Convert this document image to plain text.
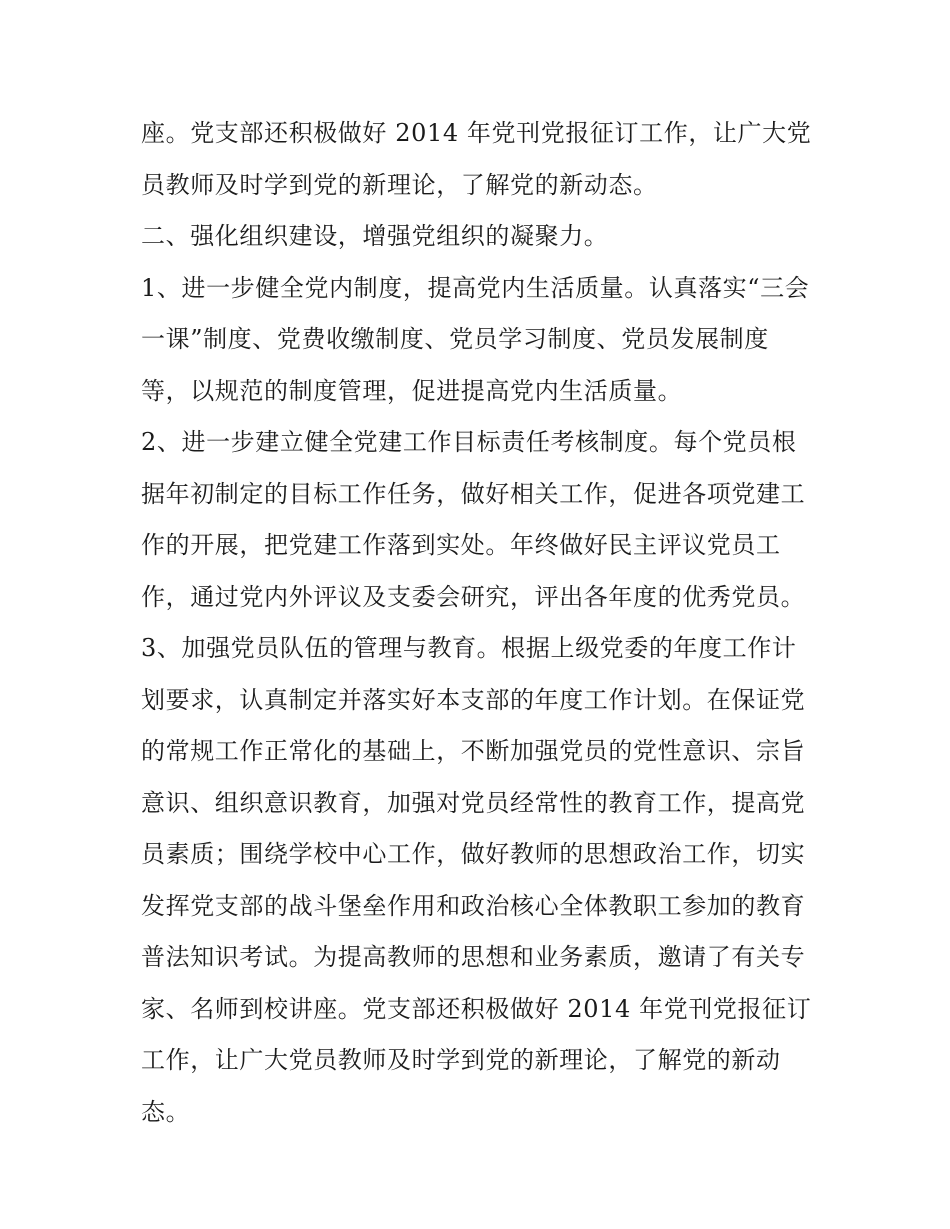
座。党支部还积极做好 2014 年党刊党报征订工作，让广大党
员教师及时学到党的新理论，了解党的新动态。
二、强化组织建设，增强党组织的凝聚力。
1、进一步健全党内制度，提高党内生活质量。认真落实“三会
一课”制度、党费收缴制度、党员学习制度、党员发展制度
等，以规范的制度管理，促进提高党内生活质量。
2、进一步建立健全党建工作目标责任考核制度。每个党员根
据年初制定的目标工作任务，做好相关工作，促进各项党建工
作的开展，把党建工作落到实处。年终做好民主评议党员工
作，通过党内外评议及支委会研究，评出各年度的优秀党员。
3、加强党员队伍的管理与教育。根据上级党委的年度工作计
划要求，认真制定并落实好本支部的年度工作计划。在保证党
的常规工作正常化的基础上，不断加强党员的党性意识、宗旨
意识、组织意识教育，加强对党员经常性的教育工作，提高党
员素质；围绕学校中心工作，做好教师的思想政治工作，切实
发挥党支部的战斗堡垒作用和政治核心全体教职工参加的教育
普法知识考试。为提高教师的思想和业务素质，邀请了有关专
家、名师到校讲座。党支部还积极做好 2014 年党刊党报征订
工作，让广大党员教师及时学到党的新理论，了解党的新动
态。
